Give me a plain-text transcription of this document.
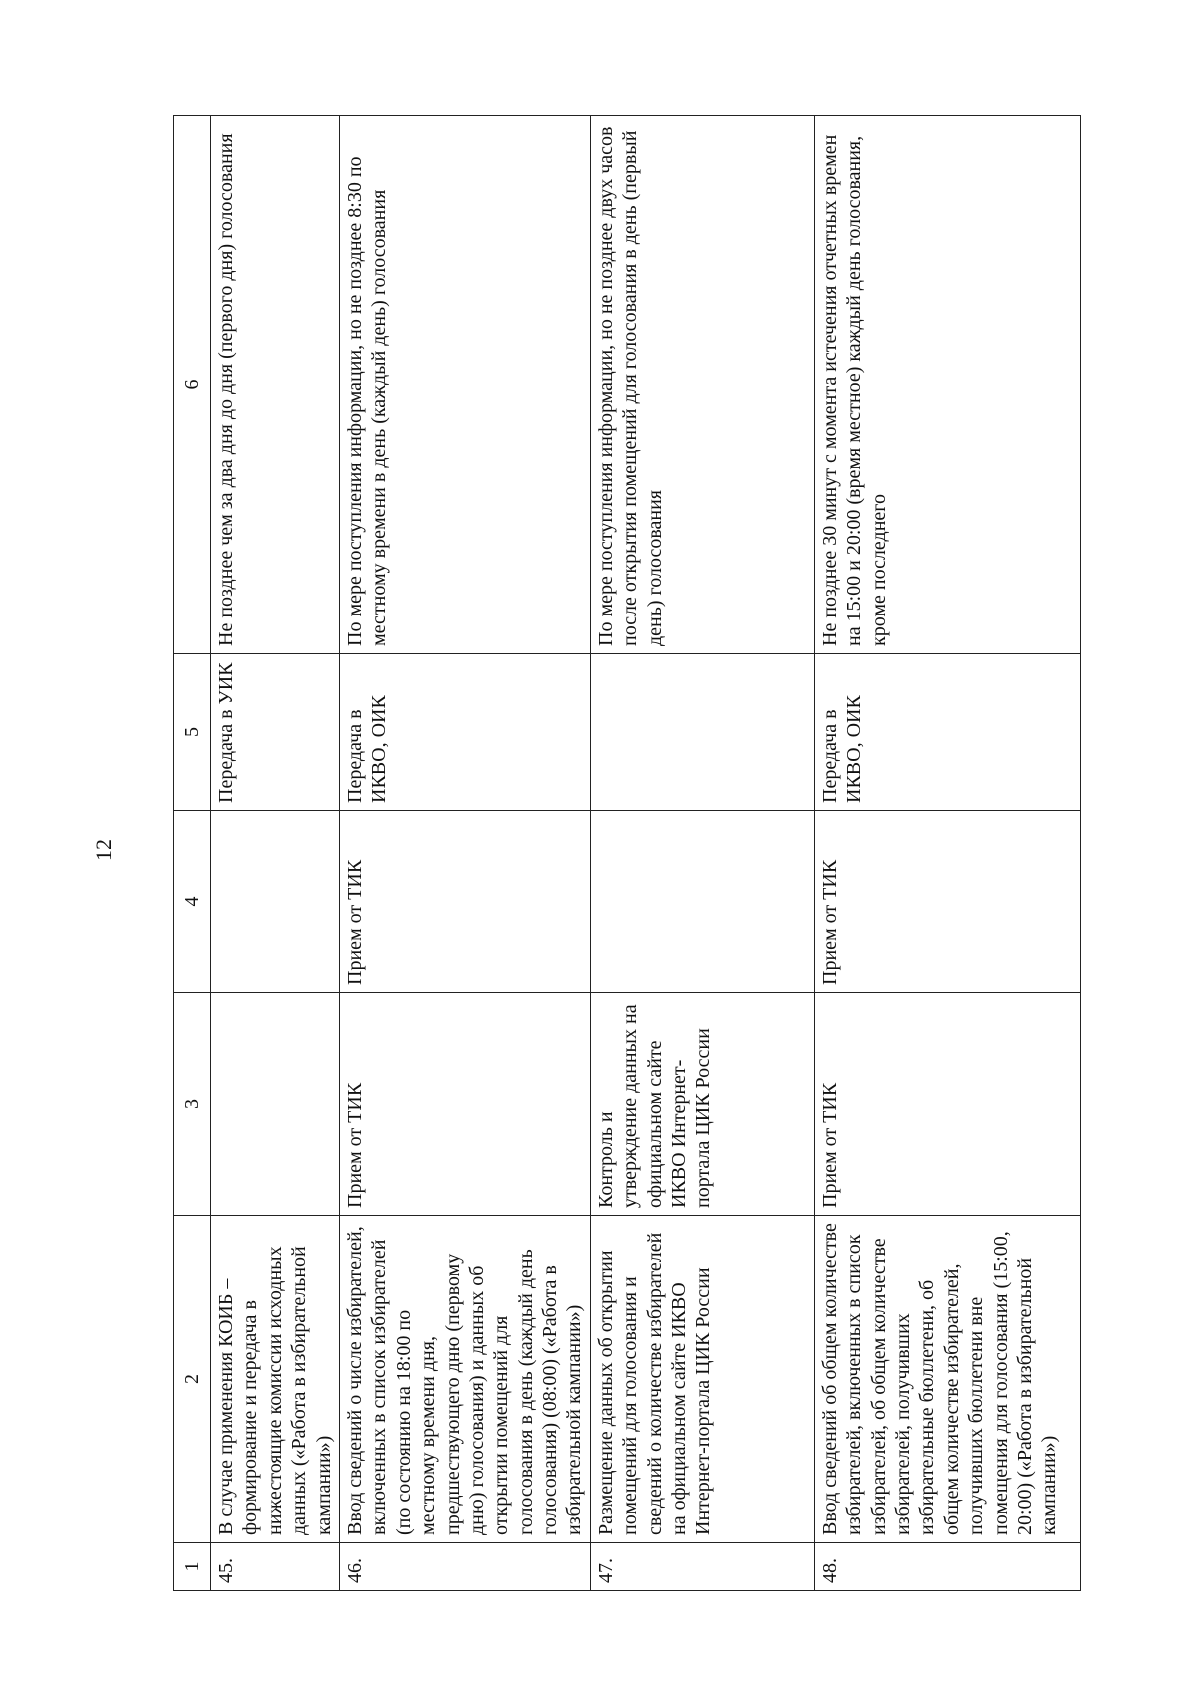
12
1	2	3	4	5	6
45.	В случае применения КОИБ – формирование и передача в нижестоящие комиссии исходных данных («Работа в избирательной кампании»)			Передача в УИК	Не позднее чем за два дня до дня (первого дня) голосования
46.	Ввод сведений о числе избирателей, включенных в список избирателей (по состоянию на 18:00 по местному времени дня, предшествующего дню (первому дню) голосования) и данных об открытии помещений для голосования в день (каждый день голосования) (08:00) («Работа в избирательной кампании»)	Прием от ТИК	Прием от ТИК	Передача в ИКВО, ОИК	По мере поступления информации, но не позднее 8:30 по местному времени в день (каждый день) голосования
47.	Размещение данных об открытии помещений для голосования и сведений о количестве избирателей на официальном сайте ИКВО Интернет-портала ЦИК России	Контроль и утверждение данных на официальном сайте ИКВО Интернет-портала ЦИК России			По мере поступления информации, но не позднее двух часов после открытия помещений для голосования в день (первый день) голосования
48.	Ввод сведений об общем количестве избирателей, включенных в список избирателей, об общем количестве избирателей, получивших избирательные бюллетени, об общем количестве избирателей, получивших бюллетени вне помещения для голосования (15:00, 20:00) («Работа в избирательной кампании»)	Прием от ТИК	Прием от ТИК	Передача в ИКВО, ОИК	Не позднее 30 минут с момента истечения отчетных времен на 15:00 и 20:00 (время местное) каждый день голосования, кроме последнего
